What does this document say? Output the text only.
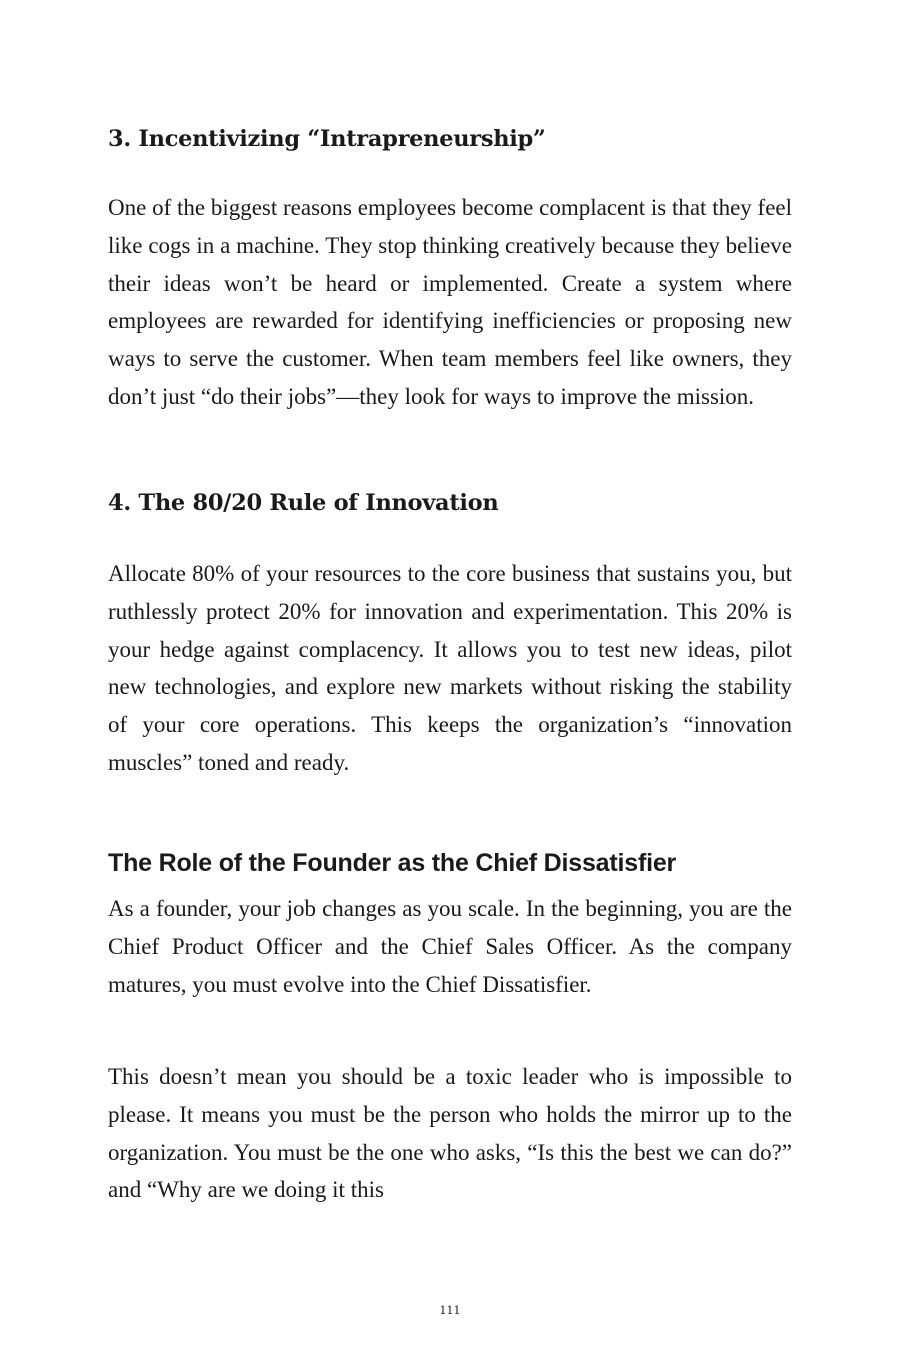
3. Incentivizing “Intrapreneurship”

One of the biggest reasons employees become complacent is that they feel like cogs in a machine. They stop thinking creatively because they believe their ideas won’t be heard or implemented. Create a system where employees are rewarded for identifying inefficiencies or proposing new ways to serve the customer. When team members feel like owners, they don’t just “do their jobs”—they look for ways to improve the mission.

4. The 80/20 Rule of Innovation

Allocate 80% of your resources to the core business that sustains you, but ruthlessly protect 20% for innovation and experimentation. This 20% is your hedge against complacency. It allows you to test new ideas, pilot new technologies, and explore new markets without risking the stability of your core operations. This keeps the organization’s “innovation muscles” toned and ready.

The Role of the Founder as the Chief Dissatisfier

As a founder, your job changes as you scale. In the beginning, you are the Chief Product Officer and the Chief Sales Officer. As the company matures, you must evolve into the Chief Dissatisfier.

This doesn’t mean you should be a toxic leader who is impossible to please. It means you must be the person who holds the mirror up to the organization. You must be the one who asks, “Is this the best we can do?” and “Why are we doing it this

111
